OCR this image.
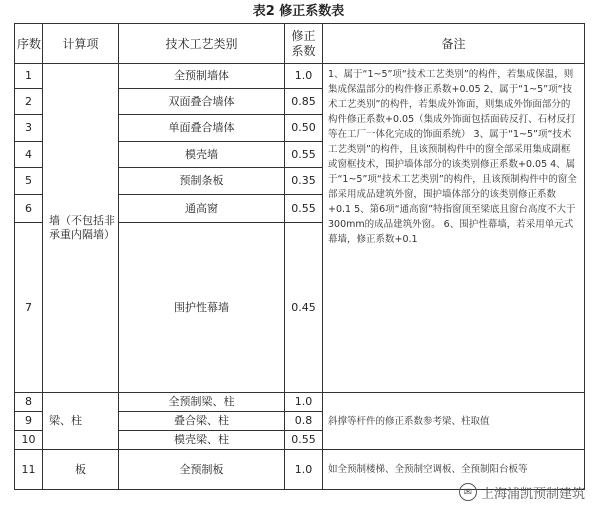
表2 修正系数表
序数	计算项	技术工艺类别	修正系数	备注
1	墙（不包括非承重内隔墙）	全预制墙体	1.0	1、属于“1~5”项“技术工艺类别”的构件，若集成保温，则集成保温部分的构件修正系数+0.05 2、属于“1~5”项“技术工艺类别”的构件，若集成外饰面，则集成外饰面部分的构件修正系数+0.05（集成外饰面包括面砖反打、石材反打等在工厂一体化完成的饰面系统） 3、属于“1~5”项“技术工艺类别”的构件，且该预制构件中的窗全部采用集成副框或窗框技术，围护墙体部分的该类别修正系数+0.05 4、属于“1~5”项“技术工艺类别”的构件，且该预制构件中的窗全部采用成品建筑外窗，围护墙体部分的该类别修正系数+0.1 5、第6项“通高窗”特指窗顶至梁底且窗台高度不大于300mm的成品建筑外窗。 6、围护性幕墙，若采用单元式幕墙，修正系数+0.1
2		双面叠合墙体	0.85	
3		单面叠合墙体	0.50	
4		模壳墙	0.55	
5		预制条板	0.35	
6		通高窗	0.55	
7		围护性幕墙	0.45	
8	梁、柱	全预制梁、柱	1.0	斜撑等杆件的修正系数参考梁、柱取值
9		叠合梁、柱	0.8	
10		模壳梁、柱	0.55	
11	板	全预制板	1.0	如全预制楼梯、全预制空调板、全预制阳台板等
✉ 上海浦凯预制建筑
